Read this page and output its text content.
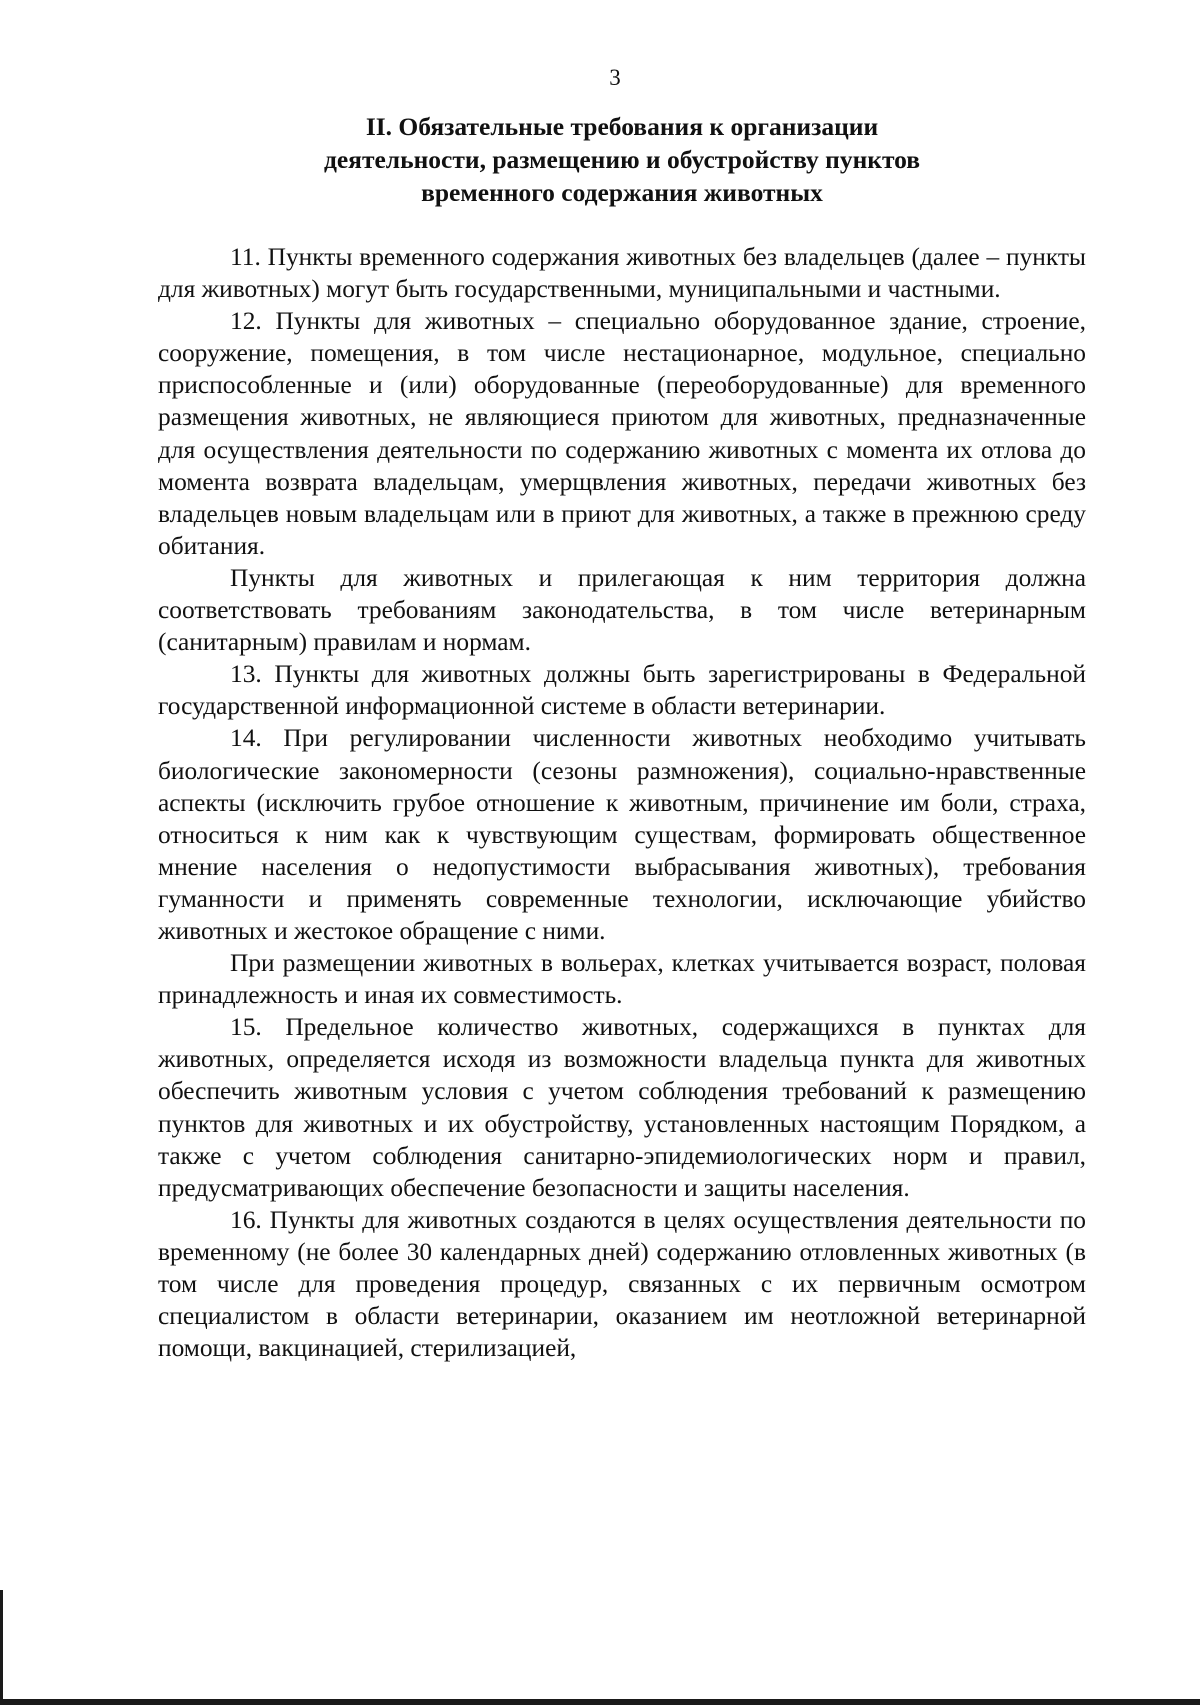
3
II. Обязательные требования к организации
деятельности, размещению и обустройству пунктов
временного содержания животных

11. Пункты временного содержания животных без владельцев (далее – пункты для животных) могут быть государственными, муниципальными и частными.

12. Пункты для животных – специально оборудованное здание, строение, сооружение, помещения, в том числе нестационарное, модульное, специально приспособленные и (или) оборудованные (переоборудованные) для временного размещения животных, не являющиеся приютом для животных, предназначенные для осуществления деятельности по содержанию животных с момента их отлова до момента возврата владельцам, умерщвления животных, передачи животных без владельцев новым владельцам или в приют для животных, а также в прежнюю среду обитания.

Пункты для животных и прилегающая к ним территория должна соответствовать требованиям законодательства, в том числе ветеринарным (санитарным) правилам и нормам.

13. Пункты для животных должны быть зарегистрированы в Федеральной государственной информационной системе в области ветеринарии.

14. При регулировании численности животных необходимо учитывать биологические закономерности (сезоны размножения), социально-нравственные аспекты (исключить грубое отношение к животным, причинение им боли, страха, относиться к ним как к чувствующим существам, формировать общественное мнение населения о недопустимости выбрасывания животных), требования гуманности и применять современные технологии, исключающие убийство животных и жестокое обращение с ними.

При размещении животных в вольерах, клетках учитывается возраст, половая принадлежность и иная их совместимость.

15. Предельное количество животных, содержащихся в пунктах для животных, определяется исходя из возможности владельца пункта для животных обеспечить животным условия с учетом соблюдения требований к размещению пунктов для животных и их обустройству, установленных настоящим Порядком, а также с учетом соблюдения санитарно-эпидемиологических норм и правил, предусматривающих обеспечение безопасности и защиты населения.

16. Пункты для животных создаются в целях осуществления деятельности по временному (не более 30 календарных дней) содержанию отловленных животных (в том числе для проведения процедур, связанных с их первичным осмотром специалистом в области ветеринарии, оказанием им неотложной ветеринарной помощи, вакцинацией, стерилизацией,
